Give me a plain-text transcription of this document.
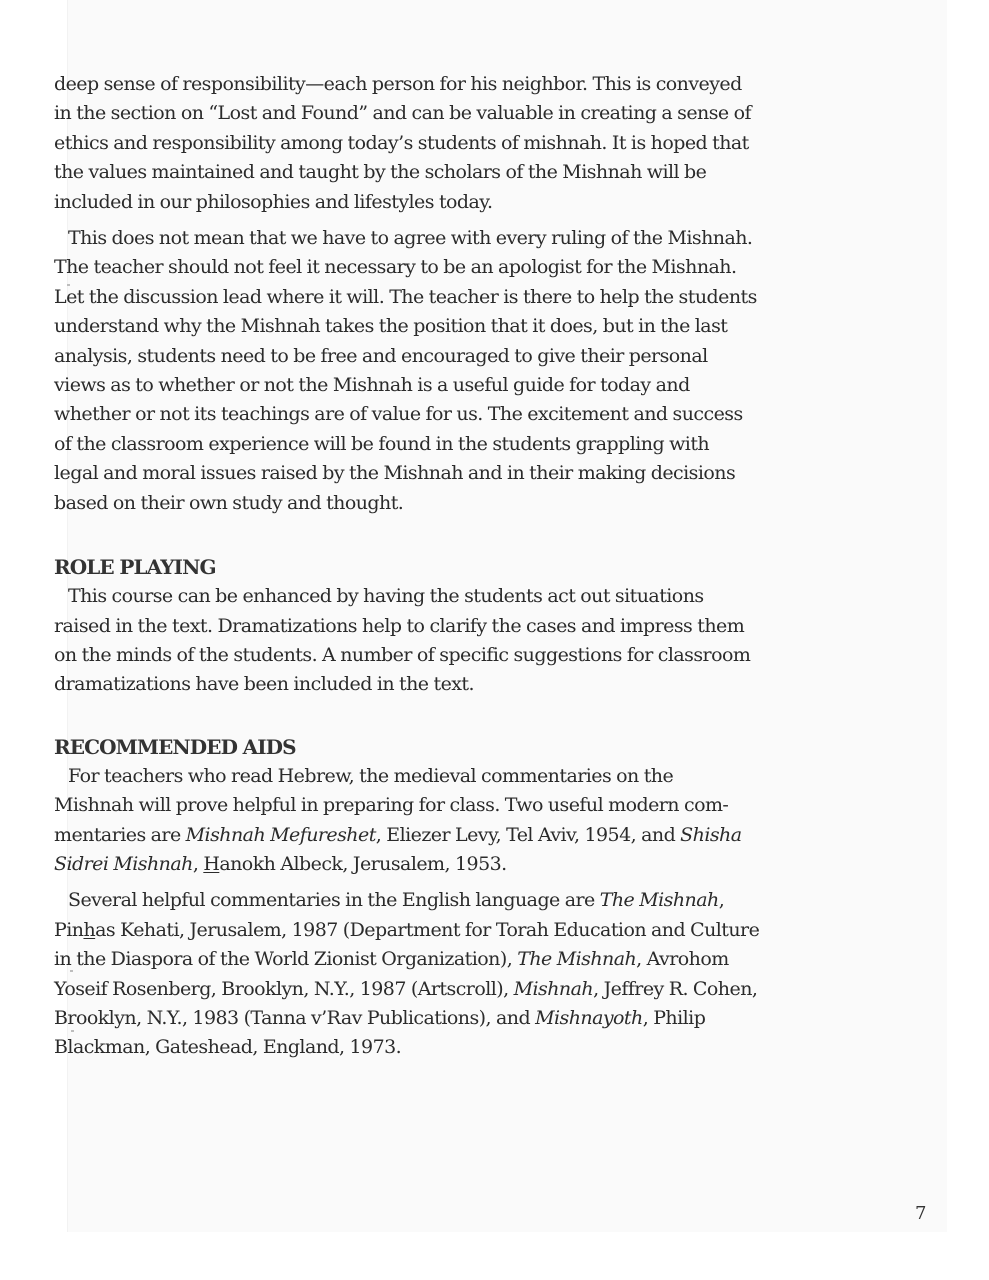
deep sense of responsibility—each person for his neighbor. This is conveyed
in the section on “Lost and Found” and can be valuable in creating a sense of
ethics and responsibility among today’s students of mishnah. It is hoped that
the values maintained and taught by the scholars of the Mishnah will be
included in our philosophies and lifestyles today.

This does not mean that we have to agree with every ruling of the Mishnah.
The teacher should not feel it necessary to be an apologist for the Mishnah.
Let the discussion lead where it will. The teacher is there to help the students
understand why the Mishnah takes the position that it does, but in the last
analysis, students need to be free and encouraged to give their personal
views as to whether or not the Mishnah is a useful guide for today and
whether or not its teachings are of value for us. The excitement and success
of the classroom experience will be found in the students grappling with
legal and moral issues raised by the Mishnah and in their making decisions
based on their own study and thought.

ROLE PLAYING

This course can be enhanced by having the students act out situations
raised in the text. Dramatizations help to clarify the cases and impress them
on the minds of the students. A number of specific suggestions for classroom
dramatizations have been included in the text.

RECOMMENDED AIDS

For teachers who read Hebrew, the medieval commentaries on the
Mishnah will prove helpful in preparing for class. Two useful modern com-
mentaries are Mishnah Mefureshet, Eliezer Levy, Tel Aviv, 1954, and Shisha
Sidrei Mishnah, Hanokh Albeck, Jerusalem, 1953.

Several helpful commentaries in the English language are The Mishnah,
Pinhas Kehati, Jerusalem, 1987 (Department for Torah Education and Culture
in the Diaspora of the World Zionist Organization), The Mishnah, Avrohom
Yoseif Rosenberg, Brooklyn, N.Y., 1987 (Artscroll), Mishnah, Jeffrey R. Cohen,
Brooklyn, N.Y., 1983 (Tanna v’Rav Publications), and Mishnayoth, Philip
Blackman, Gateshead, England, 1973.

7
